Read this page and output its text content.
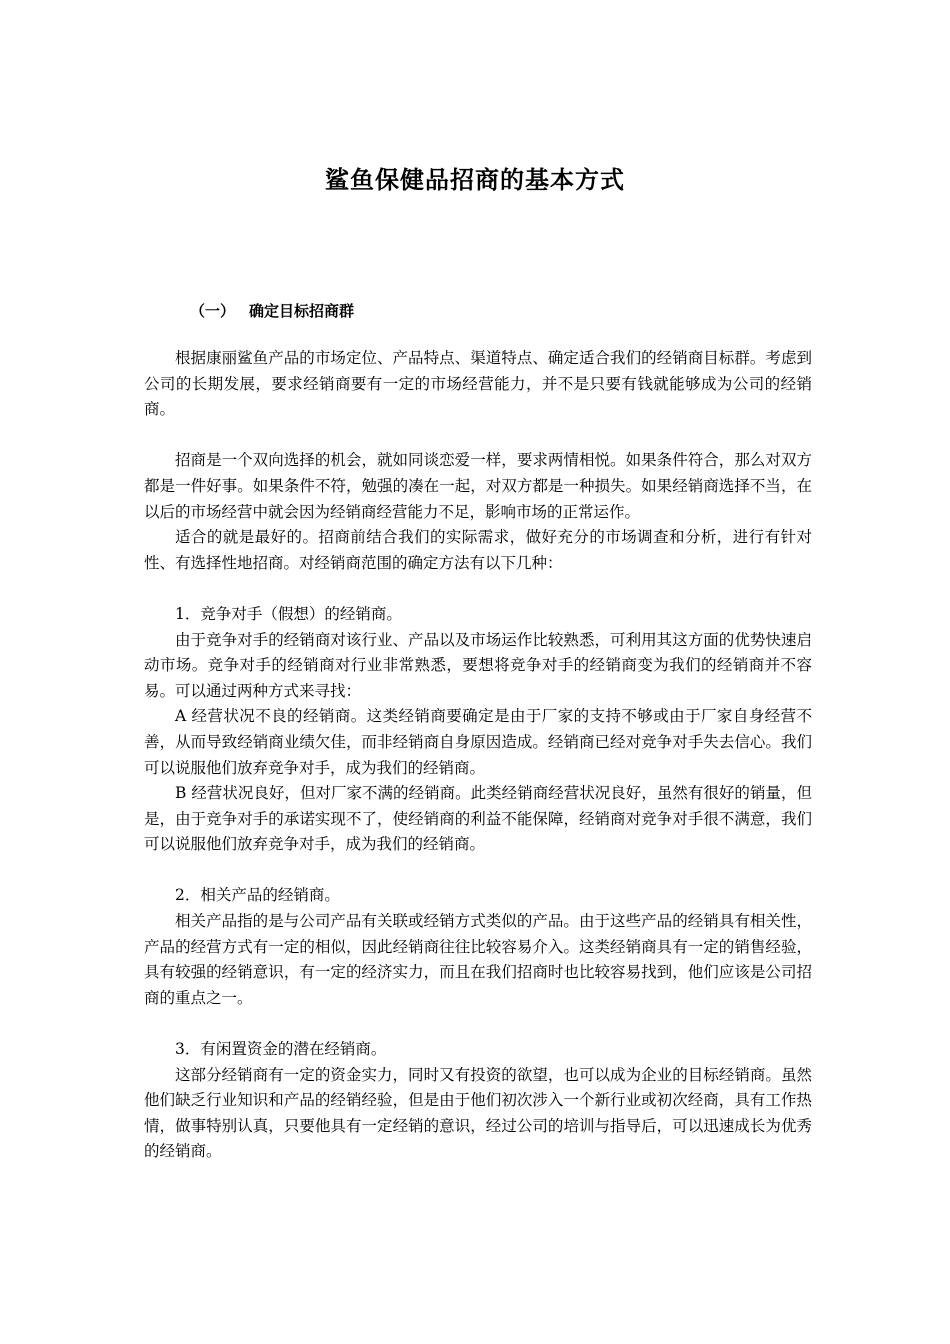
鲨鱼保健品招商的基本方式
（一） 确定目标招商群

根据康丽鲨鱼产品的市场定位、产品特点、渠道特点、确定适合我们的经销商目标群。考虑到公司的长期发展，要求经销商要有一定的市场经营能力，并不是只要有钱就能够成为公司的经销商。

招商是一个双向选择的机会，就如同谈恋爱一样，要求两情相悦。如果条件符合，那么对双方都是一件好事。如果条件不符，勉强的凑在一起，对双方都是一种损失。如果经销商选择不当，在以后的市场经营中就会因为经销商经营能力不足，影响市场的正常运作。

适合的就是最好的。招商前结合我们的实际需求，做好充分的市场调查和分析，进行有针对性、有选择性地招商。对经销商范围的确定方法有以下几种：

1．竞争对手（假想）的经销商。

由于竞争对手的经销商对该行业、产品以及市场运作比较熟悉，可利用其这方面的优势快速启动市场。竞争对手的经销商对行业非常熟悉，要想将竞争对手的经销商变为我们的经销商并不容易。可以通过两种方式来寻找：

A 经营状况不良的经销商。这类经销商要确定是由于厂家的支持不够或由于厂家自身经营不善，从而导致经销商业绩欠佳，而非经销商自身原因造成。经销商已经对竞争对手失去信心。我们可以说服他们放弃竞争对手，成为我们的经销商。

B 经营状况良好，但对厂家不满的经销商。此类经销商经营状况良好，虽然有很好的销量，但是，由于竞争对手的承诺实现不了，使经销商的利益不能保障，经销商对竞争对手很不满意，我们可以说服他们放弃竞争对手，成为我们的经销商。

2．相关产品的经销商。

相关产品指的是与公司产品有关联或经销方式类似的产品。由于这些产品的经销具有相关性，产品的经营方式有一定的相似，因此经销商往往比较容易介入。这类经销商具有一定的销售经验，具有较强的经销意识，有一定的经济实力，而且在我们招商时也比较容易找到，他们应该是公司招商的重点之一。

3．有闲置资金的潜在经销商。

这部分经销商有一定的资金实力，同时又有投资的欲望，也可以成为企业的目标经销商。虽然他们缺乏行业知识和产品的经销经验，但是由于他们初次涉入一个新行业或初次经商，具有工作热情，做事特别认真，只要他具有一定经销的意识，经过公司的培训与指导后，可以迅速成长为优秀的经销商。
